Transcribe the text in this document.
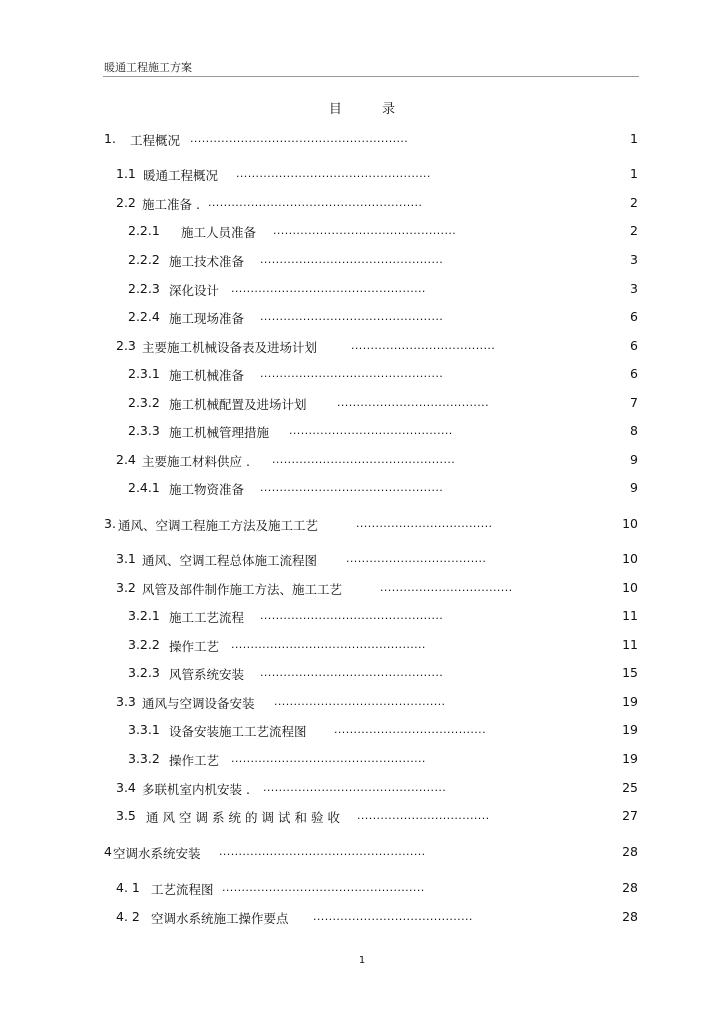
暖通工程施工方案
目 录
1. 工程概况 ........................................................	1
1.1 暖通工程概况 ..................................................	1
2.2 施工准备 . .......................................................	2
2.2.1 施工人员准备 ...............................................	2
2.2.2 施工技术准备 ...............................................	3
2.2.3 深化设计 ..................................................	3
2.2.4 施工现场准备 ...............................................	6
2.3 主要施工机械设备表及进场计划	.....................................	6
2.3.1 施工机械准备 ...............................................	6
2.3.2 施工机械配置及进场计划	.......................................	7
2.3.3 施工机械管理措施 ..........................................	8
2.4 主要施工材料供应 . ...............................................	9
2.4.1 施工物资准备 ...............................................	9
3. 通风、空调工程施工方法及施工工艺	...................................	10
3.1 通风、空调工程总体施工流程图	....................................	10
3.2 风管及部件制作施工方法、施工工艺	..................................	10
3.2.1 施工工艺流程 ...............................................	11
3.2.2 操作工艺 ..................................................	11
3.2.3 风管系统安装 ...............................................	15
3.3 通风与空调设备安装 ............................................	19
3.3.1 设备安装施工工艺流程图 .......................................	19
3.3.2 操作工艺 ..................................................	19
3.4 多联机室内机安装 . ...............................................	25
3.5 通风空调系统的调试和验收 ..................................	27
4 空调水系统安装 .....................................................	28
4. 1 工艺流程图 ....................................................	28
4. 2 空调水系统施工操作要点 .........................................	28
1
